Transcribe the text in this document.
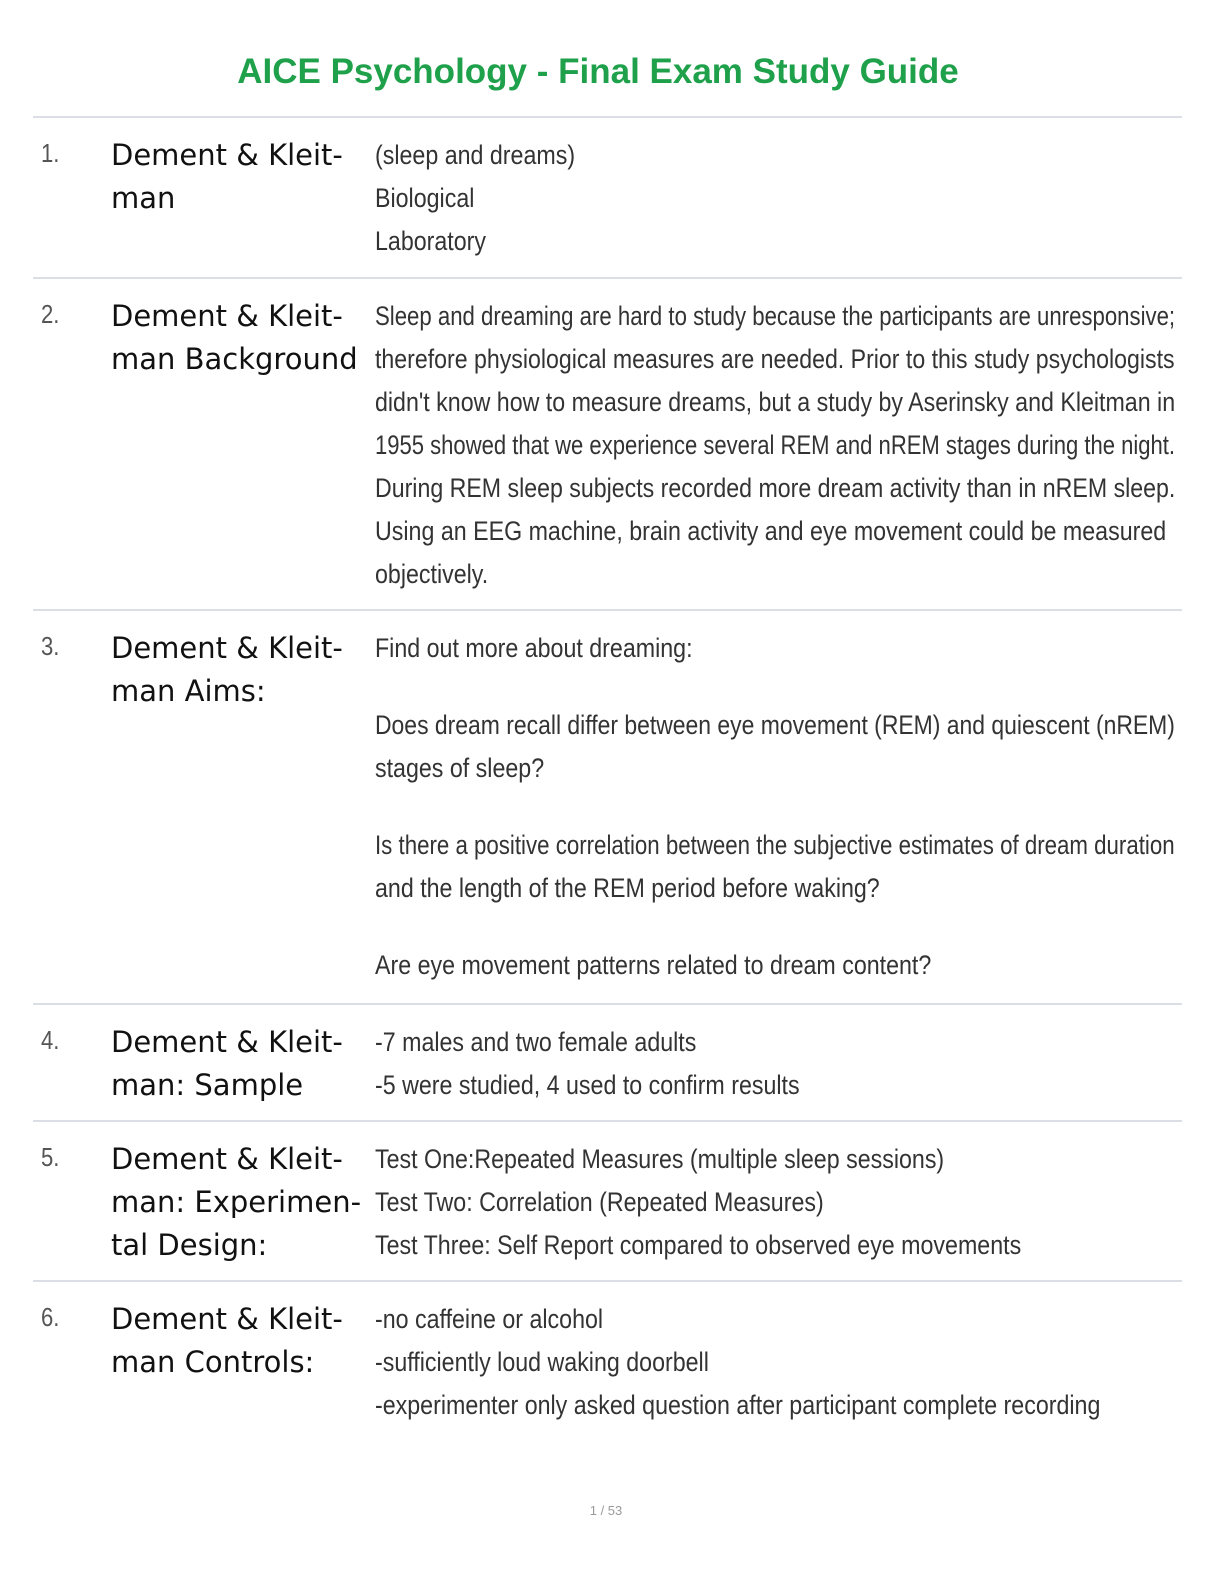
AICE Psychology - Final Exam Study Guide
1. Dement & Kleit-
man
(sleep and dreams)
Biological
Laboratory
2. Dement & Kleit-
man Background
Sleep and dreaming are hard to study because the participants are unresponsive;
therefore physiological measures are needed. Prior to this study psychologists
didn't know how to measure dreams, but a study by Aserinsky and Kleitman in
1955 showed that we experience several REM and nREM stages during the night.
During REM sleep subjects recorded more dream activity than in nREM sleep.
Using an EEG machine, brain activity and eye movement could be measured
objectively.
3. Dement & Kleit-
man Aims:
Find out more about dreaming:
Does dream recall differ between eye movement (REM) and quiescent (nREM)
stages of sleep?
Is there a positive correlation between the subjective estimates of dream duration
and the length of the REM period before waking?
Are eye movement patterns related to dream content?
4. Dement & Kleit-
man: Sample
-7 males and two female adults
-5 were studied, 4 used to confirm results
5. Dement & Kleit-
man: Experimen-
tal Design:
Test One:Repeated Measures (multiple sleep sessions)
Test Two: Correlation (Repeated Measures)
Test Three: Self Report compared to observed eye movements
6. Dement & Kleit-
man Controls:
-no caffeine or alcohol
-sufficiently loud waking doorbell
-experimenter only asked question after participant complete recording
1 / 53
